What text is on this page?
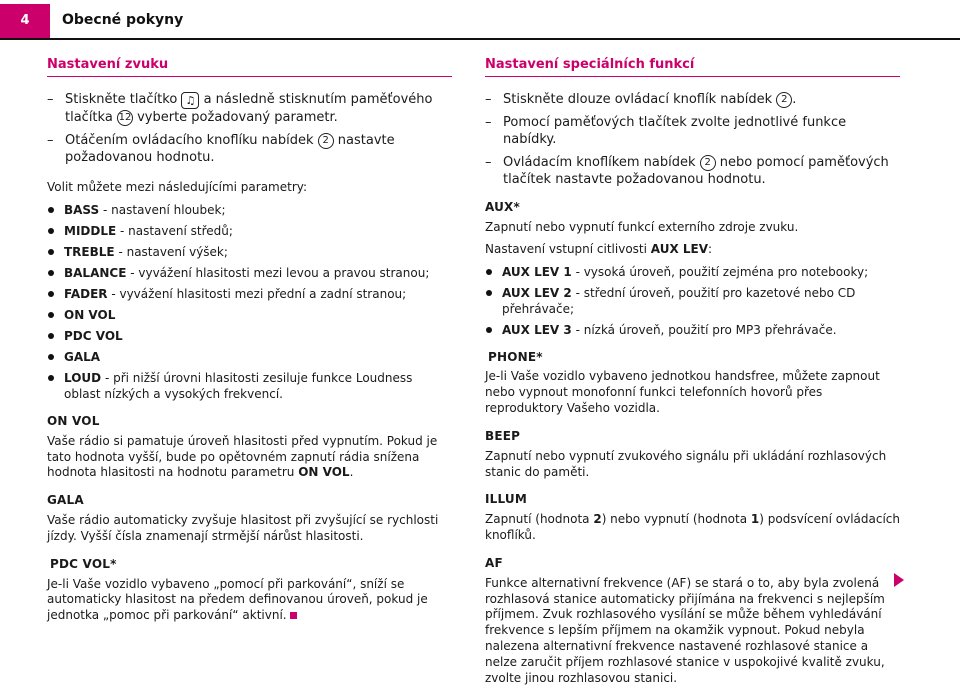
4	Obecné pokyny
Nastavení zvuku
– Stiskněte tlačítko ♫ a následně stisknutím paměťového tlačítka 12 vyberte požadovaný parametr.
– Otáčením ovládacího knoflíku nabídek 2 nastavte požadovanou hodnotu.

Volit můžete mezi následujícími parametry:

BASS - nastavení hloubek;
MIDDLE - nastavení středů;
TREBLE - nastavení výšek;
BALANCE - vyvážení hlasitosti mezi levou a pravou stranou;
FADER - vyvážení hlasitosti mezi přední a zadní stranou;
ON VOL
PDC VOL
GALA
LOUD - při nižší úrovni hlasitosti zesiluje funkce Loudness oblast nízkých a vysokých frekvencí.
ON VOL

Vaše rádio si pamatuje úroveň hlasitosti před vypnutím. Pokud je tato hodnota vyšší, bude po opětovném zapnutí rádia snížena hodnota hlasitosti na hodnotu parametru ON VOL.

GALA

Vaše rádio automaticky zvyšuje hlasitost při zvyšující se rychlosti jízdy. Vyšší čísla znamenají strmější nárůst hlasitosti.

PDC VOL*

Je-li Vaše vozidlo vybaveno „pomocí při parkování“, sníží se automaticky hlasitost na předem definovanou úroveň, pokud je jednotka „pomoc při parkování“ aktivní.

Nastavení speciálních funkcí
– Stiskněte dlouze ovládací knoflík nabídek 2 .
– Pomocí paměťových tlačítek zvolte jednotlivé funkce nabídky.
– Ovládacím knoflíkem nabídek 2 nebo pomocí paměťových tlačítek nastavte požadovanou hodnotu.
AUX*

Zapnutí nebo vypnutí funkcí externího zdroje zvuku.

Nastavení vstupní citlivosti AUX LEV:

AUX LEV 1 - vysoká úroveň, použití zejména pro notebooky;
AUX LEV 2 - střední úroveň, použití pro kazetové nebo CD přehrávače;
AUX LEV 3 - nízká úroveň, použití pro MP3 přehrávače.
PHONE*

Je-li Vaše vozidlo vybaveno jednotkou handsfree, můžete zapnout nebo vypnout monofonní funkci telefonních hovorů přes reproduktory Vašeho vozidla.

BEEP

Zapnutí nebo vypnutí zvukového signálu při ukládání rozhlasových stanic do paměti.

ILLUM

Zapnutí (hodnota 2) nebo vypnutí (hodnota 1) podsvícení ovládacích knoflíků.

AF

Funkce alternativní frekvence (AF) se stará o to, aby byla zvolená rozhlasová stanice automaticky přijímána na frekvenci s nejlepším příjmem. Zvuk rozhlasového vysílání se může během vyhledávání frekvence s lepším příjmem na okamžik vypnout. Pokud nebyla nalezena alternativní frekvence nastavené rozhlasové stanice a nelze zaručit příjem rozhlasové stanice v uspokojivé kvalitě zvuku, zvolte jinou rozhlasovou stanici.
